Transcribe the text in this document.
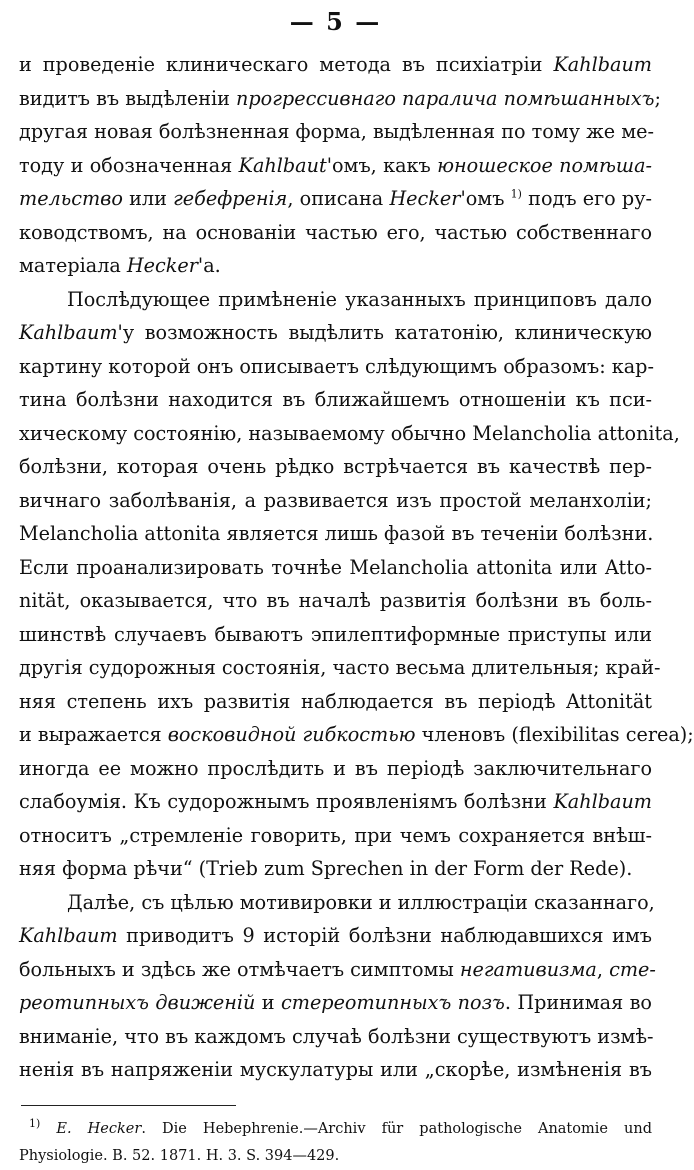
— 5 —
и проведеніе клиническаго метода въ психіатріи Kahlbaum
видитъ въ выдѣленіи прогрессивнаго паралича помѣшанныхъ;
другая новая болѣзненная форма, выдѣленная по тому же ме-
тоду и обозначенная Kahlbaut'омъ, какъ юношеское помѣша-
тельство или гебефренія, описана Hecker'омъ $^{1)}$ подъ его ру-
ководствомъ, на основаніи частью его, частью собственнаго
матеріала Hecker'а.
Послѣдующее примѣненіе указанныхъ принциповъ дало
Kahlbaum'у возможность выдѣлить кататонію, клиническую
картину которой онъ описываетъ слѣдующимъ образомъ: кар-
тина болѣзни находится въ ближайшемъ отношеніи къ пси-
хическому состоянію, называемому обычно Melancholia attonita,
болѣзни, которая очень рѣдко встрѣчается въ качествѣ пер-
вичнаго заболѣванія, а развивается изъ простой меланхоліи;
Melancholia attonita является лишь фазой въ теченіи болѣзни.
Если проанализировать точнѣе Melancholia attonita или Atto-
nität, оказывается, что въ началѣ развитія болѣзни въ боль-
шинствѣ случаевъ бываютъ эпилептиформные приступы или
другія судорожныя состоянія, часто весьма длительныя; край-
няя степень ихъ развитія наблюдается въ періодѣ Attonität
и выражается восковидной гибкостью членовъ (flexibilitas cerea);
иногда ее можно прослѣдить и въ періодѣ заключительнаго
слабоумія. Къ судорожнымъ проявленіямъ болѣзни Kahlbaum
относитъ „стремленіе говорить, при чемъ сохраняется внѣш-
няя форма рѣчи“ (Trieb zum Sprechen in der Form der Rede).
Далѣе, съ цѣлью мотивировки и иллюстраціи сказаннаго,
Kahlbaum приводитъ 9 исторій болѣзни наблюдавшихся имъ
больныхъ и здѣсь же отмѣчаетъ симптомы негативизма, сте-
реотипныхъ движеній и стереотипныхъ позъ. Принимая во
вниманіе, что въ каждомъ случаѣ болѣзни существуютъ измѣ-
ненія въ напряженіи мускулатуры или „скорѣе, измѣненія въ
$^{1)}$ E. Hecker. Die Hebephrenie.—Archiv für pathologische Anatomie und
Physiologie. B. 52. 1871. H. 3. S. 394—429.
